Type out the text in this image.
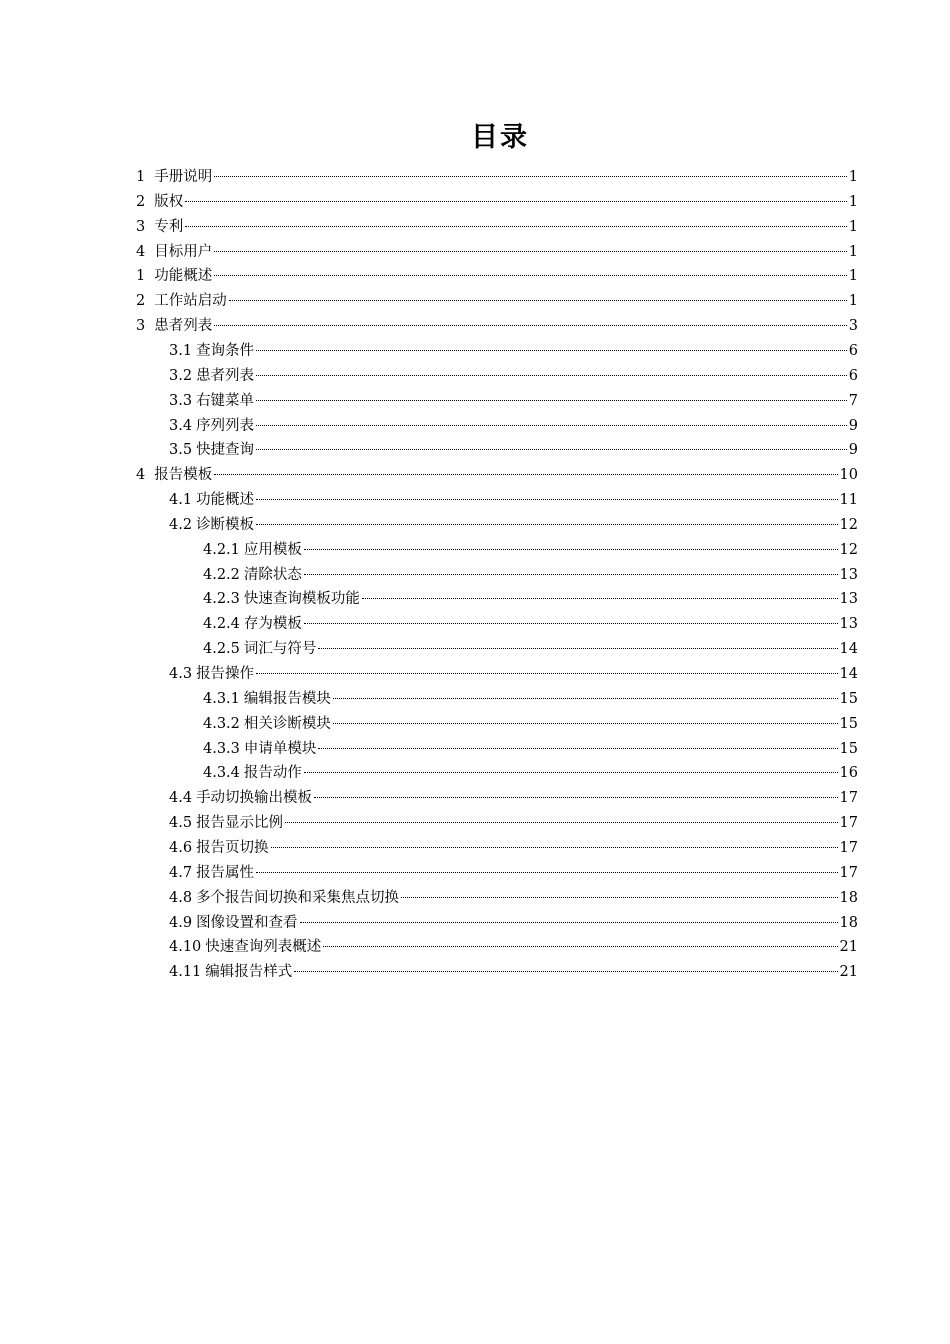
目录
1 手册说明	1
2 版权	1
3 专利	1
4 目标用户	1
1 功能概述	1
2 工作站启动	1
3 患者列表	3
3.1 查询条件	6
3.2 患者列表	6
3.3 右键菜单	7
3.4 序列列表	9
3.5 快捷查询	9
4 报告模板	10
4.1 功能概述	11
4.2 诊断模板	12
4.2.1 应用模板	12
4.2.2 清除状态	13
4.2.3 快速查询模板功能	13
4.2.4 存为模板	13
4.2.5 词汇与符号	14
4.3 报告操作	14
4.3.1 编辑报告模块	15
4.3.2 相关诊断模块	15
4.3.3 申请单模块	15
4.3.4 报告动作	16
4.4 手动切换输出模板	17
4.5 报告显示比例	17
4.6 报告页切换	17
4.7 报告属性	17
4.8 多个报告间切换和采集焦点切换	18
4.9 图像设置和查看	18
4.10 快速查询列表概述	21
4.11 编辑报告样式	21
